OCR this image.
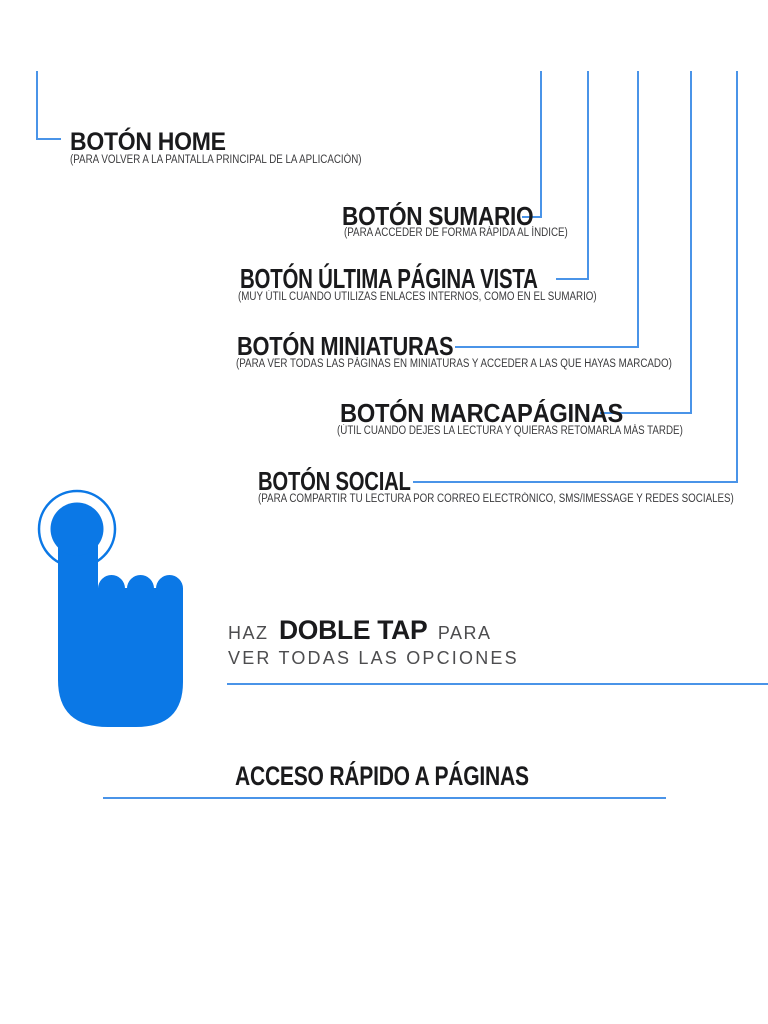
BOTÓN HOME
(PARA VOLVER A LA PANTALLA PRINCIPAL DE LA APLICACIÓN)
BOTÓN SUMARIO
(PARA ACCEDER DE FORMA RÁPIDA AL ÍNDICE)
BOTÓN ÚLTIMA PÁGINA VISTA
(MUY ÚTIL CUANDO UTILIZAS ENLACES INTERNOS, COMO EN EL SUMARIO)
BOTÓN MINIATURAS
(PARA VER TODAS LAS PÁGINAS EN MINIATURAS Y ACCEDER A LAS QUE HAYAS MARCADO)
BOTÓN MARCAPÁGINAS
(ÚTIL CUANDO DEJES LA LECTURA Y QUIERAS RETOMARLA MÁS TARDE)
BOTÓN SOCIAL
(PARA COMPARTIR TU LECTURA POR CORREO ELECTRÓNICO, SMS/IMESSAGE Y REDES SOCIALES)
HAZ DOBLE TAP PARA
VER TODAS LAS OPCIONES
ACCESO RÁPIDO A PÁGINAS
